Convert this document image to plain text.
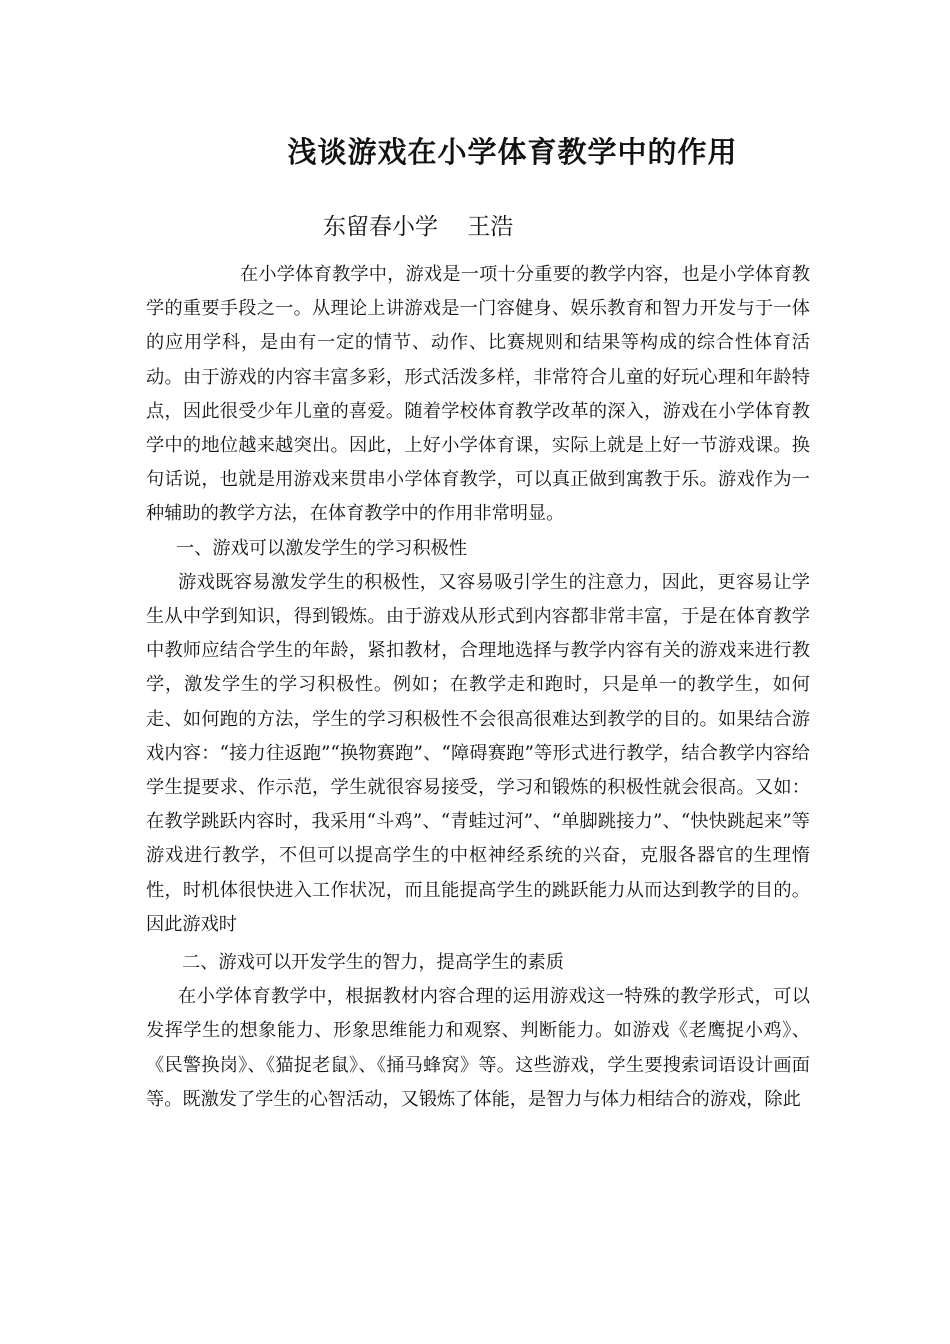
浅谈游戏在小学体育教学中的作用
东留春小学    王浩

在小学体育教学中，游戏是一项十分重要的教学内容，也是小学体育教学的重要手段之一。从理论上讲游戏是一门容健身、娱乐教育和智力开发与于一体的应用学科，是由有一定的情节、动作、比赛规则和结果等构成的综合性体育活动。由于游戏的内容丰富多彩，形式活泼多样，非常符合儿童的好玩心理和年龄特点，因此很受少年儿童的喜爱。随着学校体育教学改革的深入，游戏在小学体育教学中的地位越来越突出。因此，上好小学体育课，实际上就是上好一节游戏课。换句话说，也就是用游戏来贯串小学体育教学，可以真正做到寓教于乐。游戏作为一种辅助的教学方法，在体育教学中的作用非常明显。

一、游戏可以激发学生的学习积极性

游戏既容易激发学生的积极性，又容易吸引学生的注意力，因此，更容易让学生从中学到知识，得到锻炼。由于游戏从形式到内容都非常丰富，于是在体育教学中教师应结合学生的年龄，紧扣教材，合理地选择与教学内容有关的游戏来进行教学，激发学生的学习积极性。例如；在教学走和跑时，只是单一的教学生，如何走、如何跑的方法，学生的学习积极性不会很高很难达到教学的目的。如果结合游戏内容：“接力往返跑”“换物赛跑”、“障碍赛跑”等形式进行教学，结合教学内容给学生提要求、作示范，学生就很容易接受，学习和锻炼的积极性就会很高。又如：在教学跳跃内容时，我采用“斗鸡”、“青蛙过河”、“单脚跳接力”、“快快跳起来”等游戏进行教学，不但可以提高学生的中枢神经系统的兴奋，克服各器官的生理惰性，时机体很快进入工作状况，而且能提高学生的跳跃能力从而达到教学的目的。因此游戏时

二、游戏可以开发学生的智力，提高学生的素质

在小学体育教学中，根据教材内容合理的运用游戏这一特殊的教学形式，可以发挥学生的想象能力、形象思维能力和观察、判断能力。如游戏《老鹰捉小鸡》、《民警换岗》、《猫捉老鼠》、《捅马蜂窝》等。这些游戏，学生要搜索词语设计画面等。既激发了学生的心智活动，又锻炼了体能，是智力与体力相结合的游戏，除此
